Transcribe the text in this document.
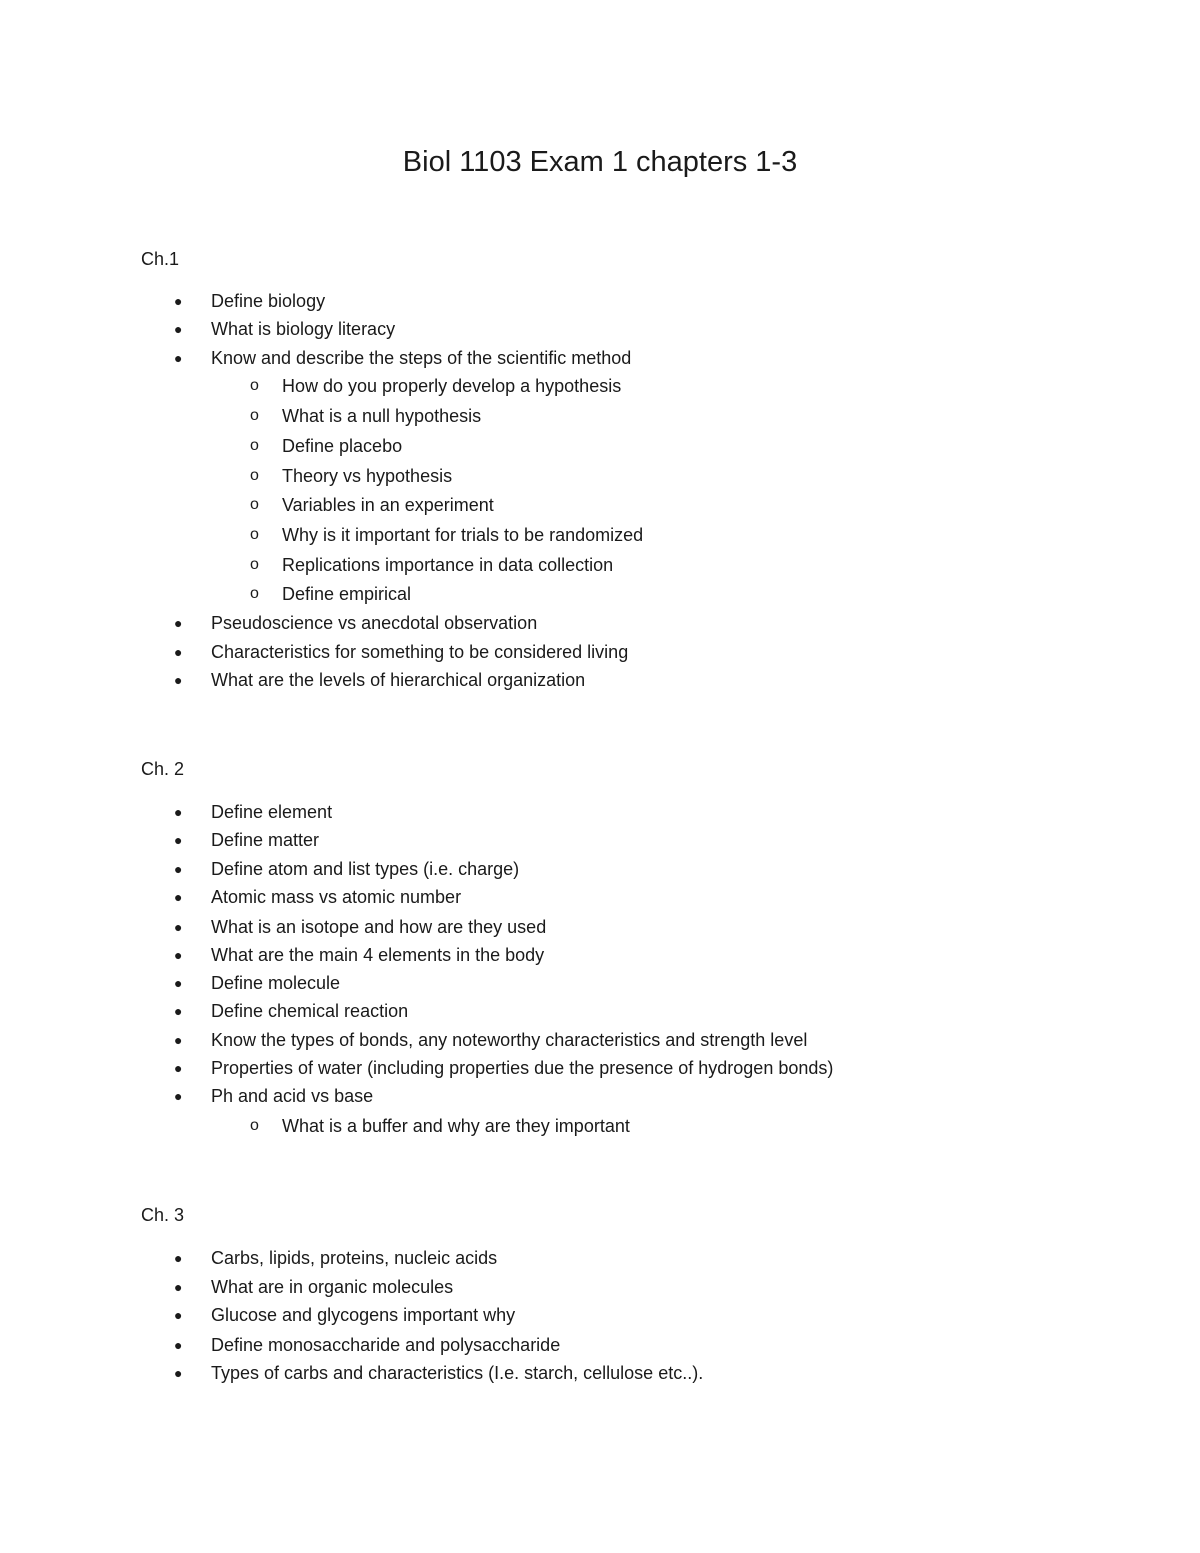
Biol 1103 Exam 1 chapters 1-3
Ch.1
● Define biology
● What is biology literacy
● Know and describe the steps of the scientific method
o How do you properly develop a hypothesis
o What is a null hypothesis
o Define placebo
o Theory vs hypothesis
o Variables in an experiment
o Why is it important for trials to be randomized
o Replications importance in data collection
o Define empirical
● Pseudoscience vs anecdotal observation
● Characteristics for something to be considered living
● What are the levels of hierarchical organization
Ch. 2
● Define element
● Define matter
● Define atom and list types (i.e. charge)
● Atomic mass vs atomic number
● What is an isotope and how are they used
● What are the main 4 elements in the body
● Define molecule
● Define chemical reaction
● Know the types of bonds, any noteworthy characteristics and strength level
● Properties of water (including properties due the presence of hydrogen bonds)
● Ph and acid vs base
o What is a buffer and why are they important
Ch. 3
● Carbs, lipids, proteins, nucleic acids
● What are in organic molecules
● Glucose and glycogens important why
● Define monosaccharide and polysaccharide
● Types of carbs and characteristics (I.e. starch, cellulose etc..).
